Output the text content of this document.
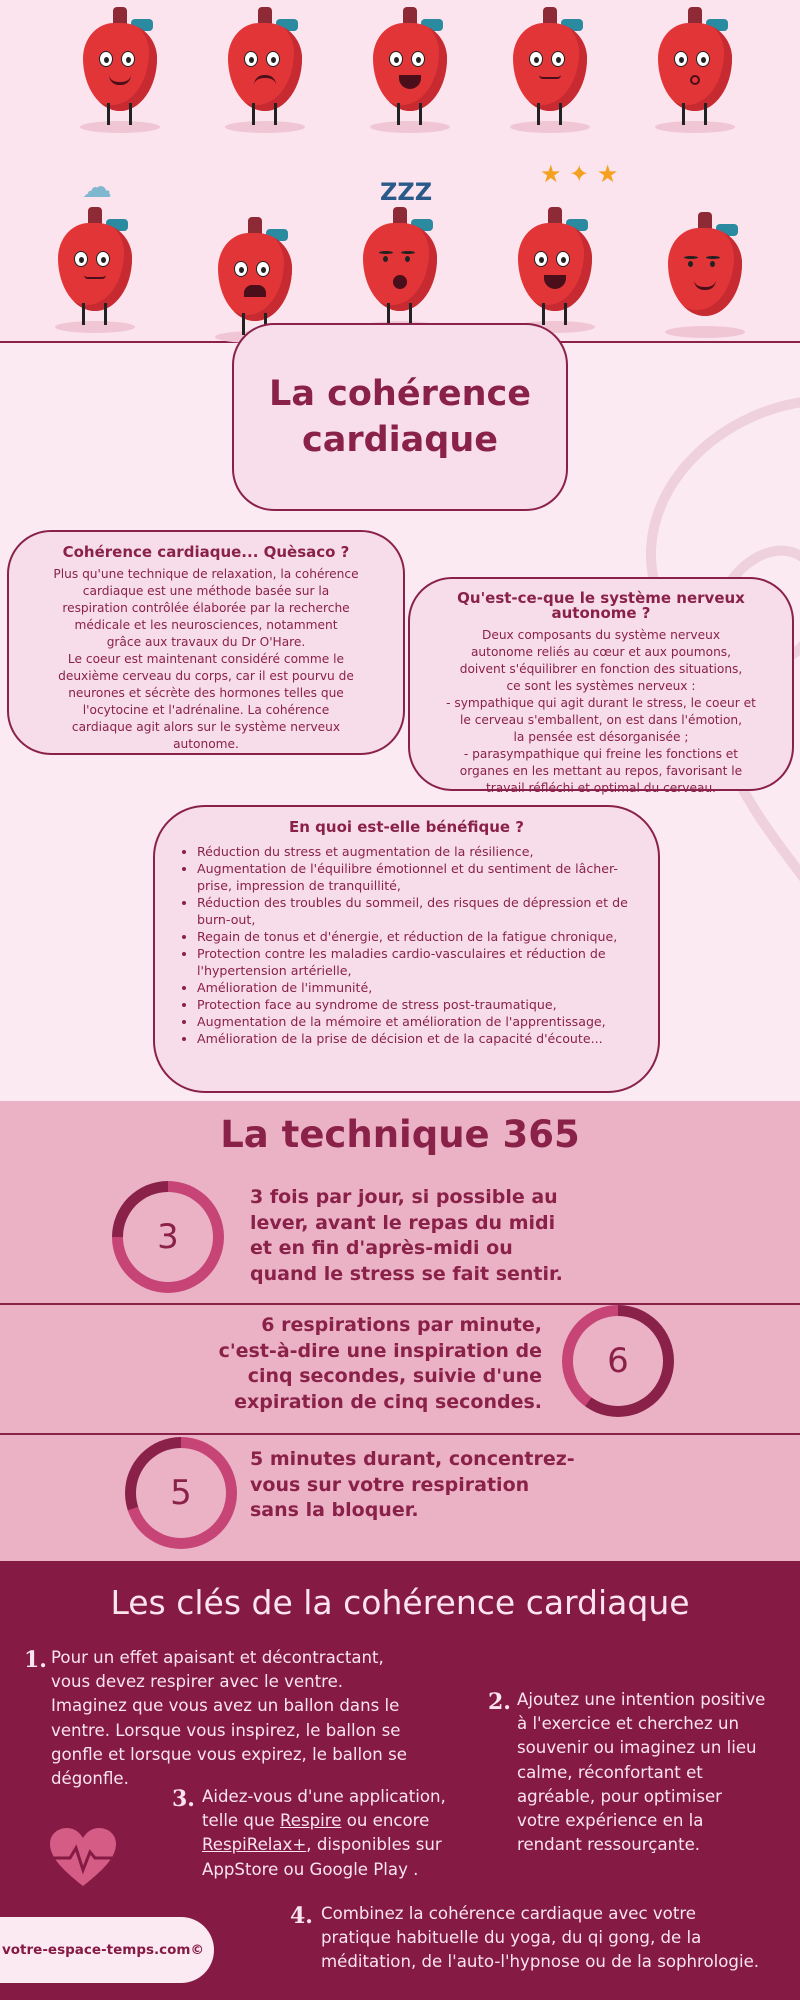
☁	ZZZ
★ ✦ ★
La cohérence
cardiaque
Cohérence cardiaque... Quèsaco ?

Plus qu'une technique de relaxation, la cohérence
cardiaque est une méthode basée sur la
respiration contrôlée élaborée par la recherche
médicale et les neurosciences, notamment
grâce aux travaux du Dr O'Hare.
Le coeur est maintenant considéré comme le
deuxième cerveau du corps, car il est pourvu de
neurones et sécrète des hormones telles que
l'ocytocine et l'adrénaline. La cohérence
cardiaque agit alors sur le système nerveux
autonome.

Qu'est-ce-que le système nerveux
autonome ?

Deux composants du système nerveux
autonome reliés au cœur et aux poumons,
doivent s'équilibrer en fonction des situations,
ce sont les systèmes nerveux :
- sympathique qui agit durant le stress, le coeur et
le cerveau s'emballent, on est dans l'émotion,
la pensée est désorganisée ;
- parasympathique qui freine les fonctions et
organes en les mettant au repos, favorisant le
travail réfléchi et optimal du cerveau.

En quoi est-elle bénéfique ?
• Réduction du stress et augmentation de la résilience,
• Augmentation de l'équilibre émotionnel et du sentiment de lâcher-prise, impression de tranquillité,
• Réduction des troubles du sommeil, des risques de dépression et de burn-out,
• Regain de tonus et d'énergie, et réduction de la fatigue chronique,
• Protection contre les maladies cardio-vasculaires et réduction de l'hypertension artérielle,
• Amélioration de l'immunité,
• Protection face au syndrome de stress post-traumatique,
• Augmentation de la mémoire et amélioration de l'apprentissage,
• Amélioration de la prise de décision et de la capacité d'écoute...
La technique 365
3
3 fois par jour, si possible au
lever, avant le repas du midi
et en fin d'après-midi ou
quand le stress se fait sentir.
6 respirations par minute,
c'est-à-dire une inspiration de
cinq secondes, suivie d'une
expiration de cinq secondes.
6
5
5 minutes durant, concentrez-
vous sur votre respiration
sans la bloquer.
Les clés de la cohérence cardiaque
1. Pour un effet apaisant et décontractant,
vous devez respirer avec le ventre.
Imaginez que vous avez un ballon dans le
ventre. Lorsque vous inspirez, le ballon se
gonfle et lorsque vous expirez, le ballon se
dégonfle.
2. Ajoutez une intention positive
à l'exercice et cherchez un
souvenir ou imaginez un lieu
calme, réconfortant et
agréable, pour optimiser
votre expérience en la
rendant ressourçante.
3. Aidez-vous d'une application,
telle que Respire ou encore
RespiRelax+, disponibles sur
AppStore ou Google Play .
4. Combinez la cohérence cardiaque avec votre
pratique habituelle du yoga, du qi gong, de la
méditation, de l'auto-l'hypnose ou de la sophrologie.
votre-espace-temps.com©
